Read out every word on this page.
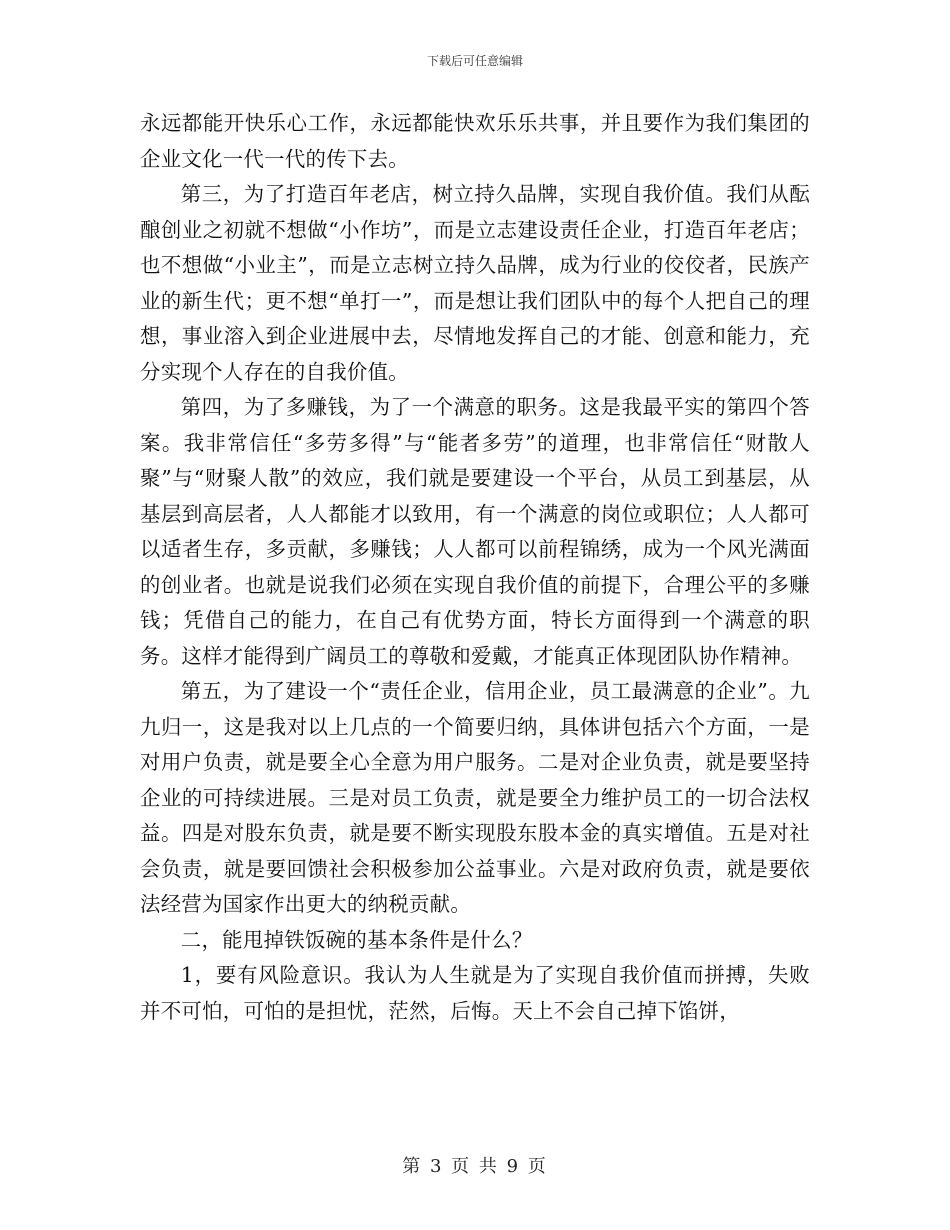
下载后可任意编辑

永远都能开快乐心工作，永远都能快欢乐乐共事，并且要作为我们集团的企业文化一代一代的传下去。

第三，为了打造百年老店，树立持久品牌，实现自我价值。我们从酝酿创业之初就不想做“小作坊”，而是立志建设责任企业，打造百年老店；也不想做“小业主”，而是立志树立持久品牌，成为行业的佼佼者，民族产业的新生代；更不想“单打一”，而是想让我们团队中的每个人把自己的理想，事业溶入到企业进展中去，尽情地发挥自己的才能、创意和能力，充分实现个人存在的自我价值。

第四，为了多赚钱，为了一个满意的职务。这是我最平实的第四个答案。我非常信任“多劳多得”与“能者多劳”的道理，也非常信任“财散人聚”与“财聚人散”的效应，我们就是要建设一个平台，从员工到基层，从基层到高层者，人人都能才以致用，有一个满意的岗位或职位；人人都可以适者生存，多贡献，多赚钱；人人都可以前程锦绣，成为一个风光满面的创业者。也就是说我们必须在实现自我价值的前提下，合理公平的多赚钱；凭借自己的能力，在自己有优势方面，特长方面得到一个满意的职务。这样才能得到广阔员工的尊敬和爱戴，才能真正体现团队协作精神。

第五，为了建设一个“责任企业，信用企业，员工最满意的企业”。九九归一，这是我对以上几点的一个简要归纳，具体讲包括六个方面，一是对用户负责，就是要全心全意为用户服务。二是对企业负责，就是要坚持企业的可持续进展。三是对员工负责，就是要全力维护员工的一切合法权益。四是对股东负责，就是要不断实现股东股本金的真实增值。五是对社会负责，就是要回馈社会积极参加公益事业。六是对政府负责，就是要依法经营为国家作出更大的纳税贡献。

二，能甩掉铁饭碗的基本条件是什么？

1，要有风险意识。我认为人生就是为了实现自我价值而拼搏，失败并不可怕，可怕的是担忧，茫然，后悔。天上不会自己掉下馅饼，

第 3 页 共 9 页
